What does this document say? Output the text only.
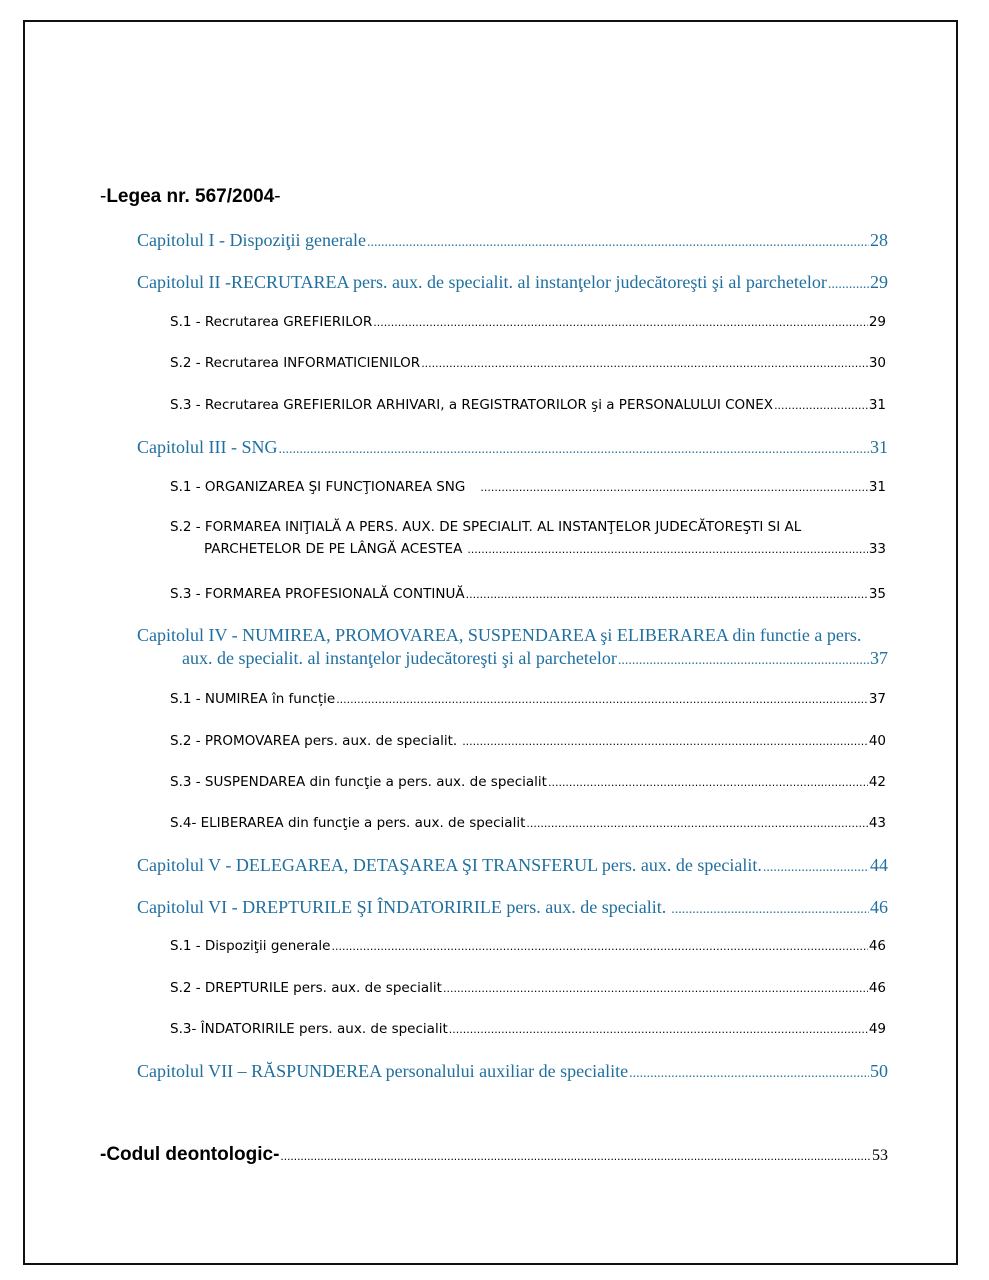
-Legea nr. 567/2004-
Capitolul I - Dispoziţii generale .....	28
Capitolul II -RECRUTAREA pers. aux. de specialit. al instanţelor judecătoreşti şi al parchetelor ..... 29
S.1 - Recrutarea GREFIERILOR .....	29
S.2 - Recrutarea INFORMATICIENILOR .....	30
S.3 - Recrutarea GREFIERILOR ARHIVARI, a REGISTRATORILOR şi a PERSONALULUI CONEX .....	31
Capitolul III - SNG .....	31
S.1 - ORGANIZAREA ŞI FUNCŢIONAREA SNG .....	31
S.2 - FORMAREA INIŢIALĂ A PERS. AUX. DE SPECIALIT. AL INSTANŢELOR JUDECĂTOREŞTI SI AL
PARCHETELOR DE PE LÂNGĂ ACESTEA .....	33
S.3 - FORMAREA PROFESIONALĂ CONTINUĂ .....	35
Capitolul IV - NUMIREA, PROMOVAREA, SUSPENDAREA şi ELIBERAREA din functie a pers.
aux. de specialit. al instanţelor judecătoreşti şi al parchetelor .....	37
S.1 - NUMIREA în funcție .....	37
S.2 - PROMOVAREA pers. aux. de specialit. .....	40
S.3 - SUSPENDAREA din funcţie a pers. aux. de specialit .....	42
S.4- ELIBERAREA din funcţie a pers. aux. de specialit .....	43
Capitolul V - DELEGAREA, DETAŞAREA ŞI TRANSFERUL pers. aux. de specialit. .....	44
Capitolul VI - DREPTURILE ŞI ÎNDATORIRILE pers. aux. de specialit. .....	46
S.1 - Dispoziţii generale .....	46
S.2 - DREPTURILE pers. aux. de specialit .....	46
S.3- ÎNDATORIRILE pers. aux. de specialit .....	49
Capitolul VII – RĂSPUNDEREA personalului auxiliar de specialite .....	50
-Codul deontologic- .....	53
